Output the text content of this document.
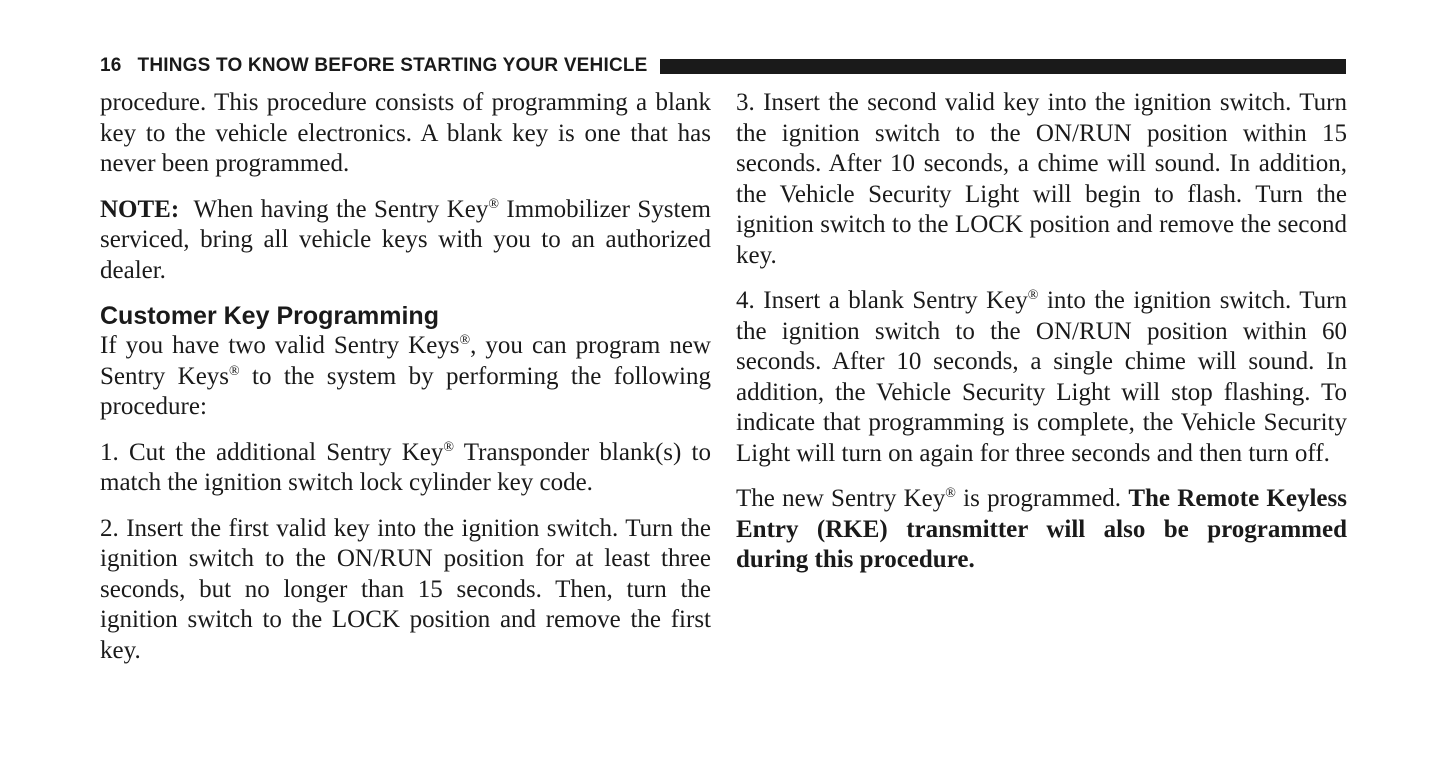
16 THINGS TO KNOW BEFORE STARTING YOUR VEHICLE

procedure. This procedure consists of programming a blank key to the vehicle electronics. A blank key is one that has never been programmed.

NOTE: When having the Sentry Key® Immobilizer System serviced, bring all vehicle keys with you to an authorized dealer.

Customer Key Programming

If you have two valid Sentry Keys®, you can program new Sentry Keys® to the system by performing the following procedure:

1. Cut the additional Sentry Key® Transponder blank(s) to match the ignition switch lock cylinder key code.

2. Insert the first valid key into the ignition switch. Turn the ignition switch to the ON/RUN position for at least three seconds, but no longer than 15 seconds. Then, turn the ignition switch to the LOCK position and remove the first key.

3. Insert the second valid key into the ignition switch. Turn the ignition switch to the ON/RUN position within 15 seconds. After 10 seconds, a chime will sound. In addition, the Vehicle Security Light will begin to flash. Turn the ignition switch to the LOCK position and remove the second key.

4. Insert a blank Sentry Key® into the ignition switch. Turn the ignition switch to the ON/RUN position within 60 seconds. After 10 seconds, a single chime will sound. In addition, the Vehicle Security Light will stop flashing. To indicate that programming is complete, the Vehicle Security Light will turn on again for three seconds and then turn off.

The new Sentry Key® is programmed. The Remote Keyless Entry (RKE) transmitter will also be programmed during this procedure.
